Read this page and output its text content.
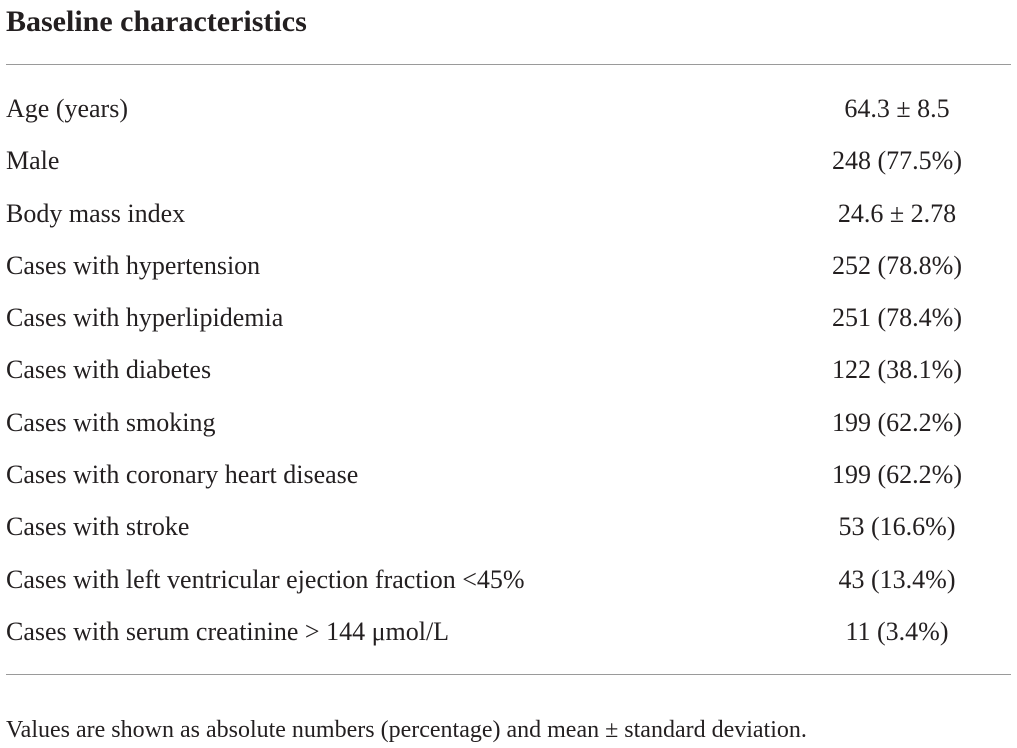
Baseline characteristics
Age (years)	64.3 ± 8.5
Male	248 (77.5%)
Body mass index	24.6 ± 2.78
Cases with hypertension	252 (78.8%)
Cases with hyperlipidemia	251 (78.4%)
Cases with diabetes	122 (38.1%)
Cases with smoking	199 (62.2%)
Cases with coronary heart disease	199 (62.2%)
Cases with stroke	53 (16.6%)
Cases with left ventricular ejection fraction <45%	43 (13.4%)
Cases with serum creatinine > 144 μmol/L	11 (3.4%)

Values are shown as absolute numbers (percentage) and mean ± standard deviation.
